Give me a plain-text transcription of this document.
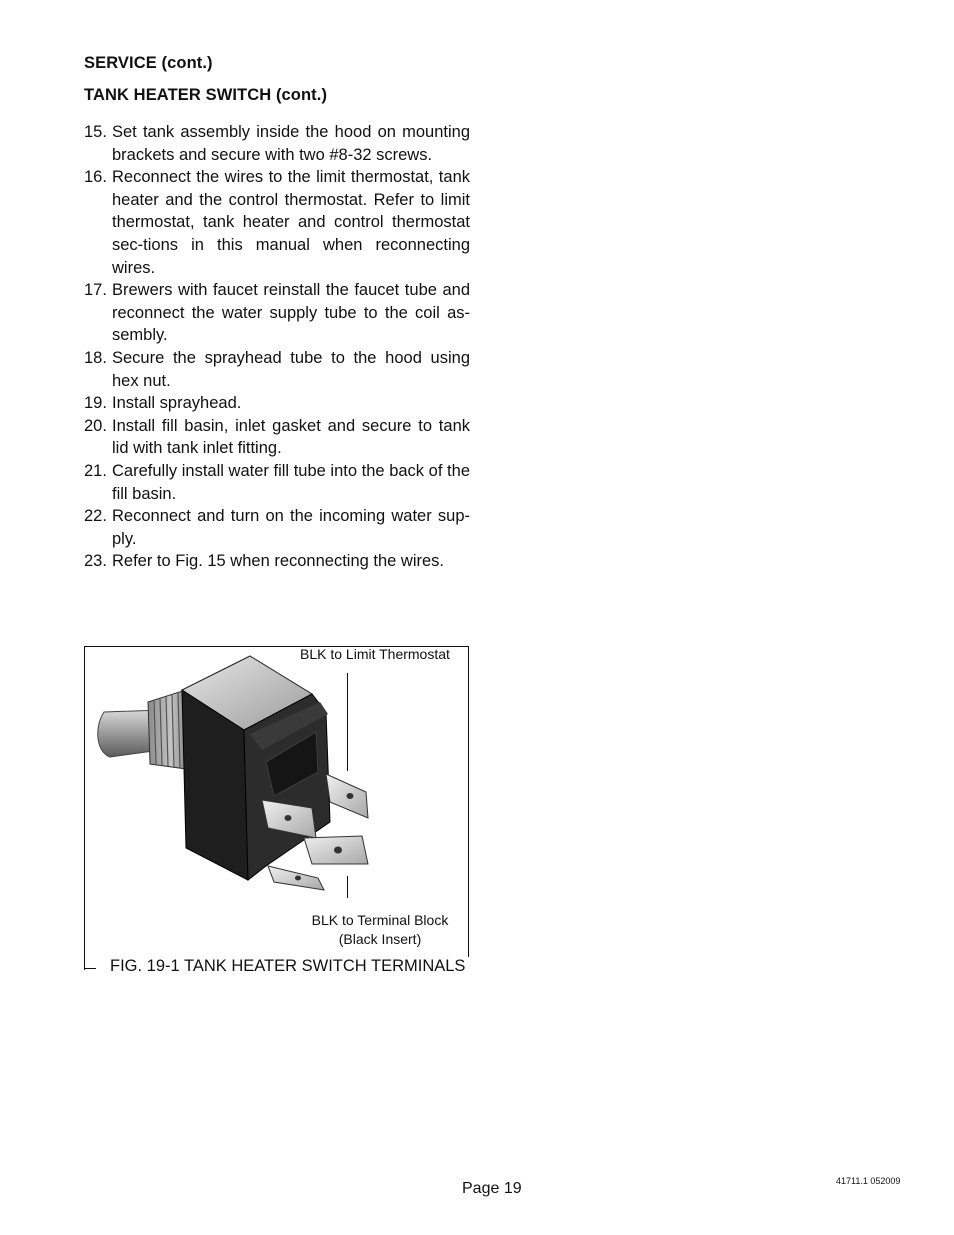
SERVICE (cont.)
TANK HEATER SWITCH (cont.)
15. Set tank assembly inside the hood on mounting brackets and secure with two #8-32 screws.
16. Reconnect the wires to the limit thermostat, tank heater and the control thermostat. Refer to limit thermostat, tank heater and control thermostat sec-tions in this manual when reconnecting wires.
17. Brewers with faucet reinstall the faucet tube and reconnect the water supply tube to the coil as-sembly.
18. Secure the sprayhead tube to the hood using hex nut.
19. Install sprayhead.
20. Install fill basin, inlet gasket and secure to tank lid with tank inlet fitting.
21. Carefully install water fill tube into the back of the fill basin.
22. Reconnect and turn on the incoming water sup-ply.
23. Refer to Fig. 15 when reconnecting the wires.
BLK to Limit Thermostat
BLK to Terminal Block
(Black Insert)
FIG. 19-1 TANK HEATER SWITCH TERMINALS
Page 19	41711.1 052009
